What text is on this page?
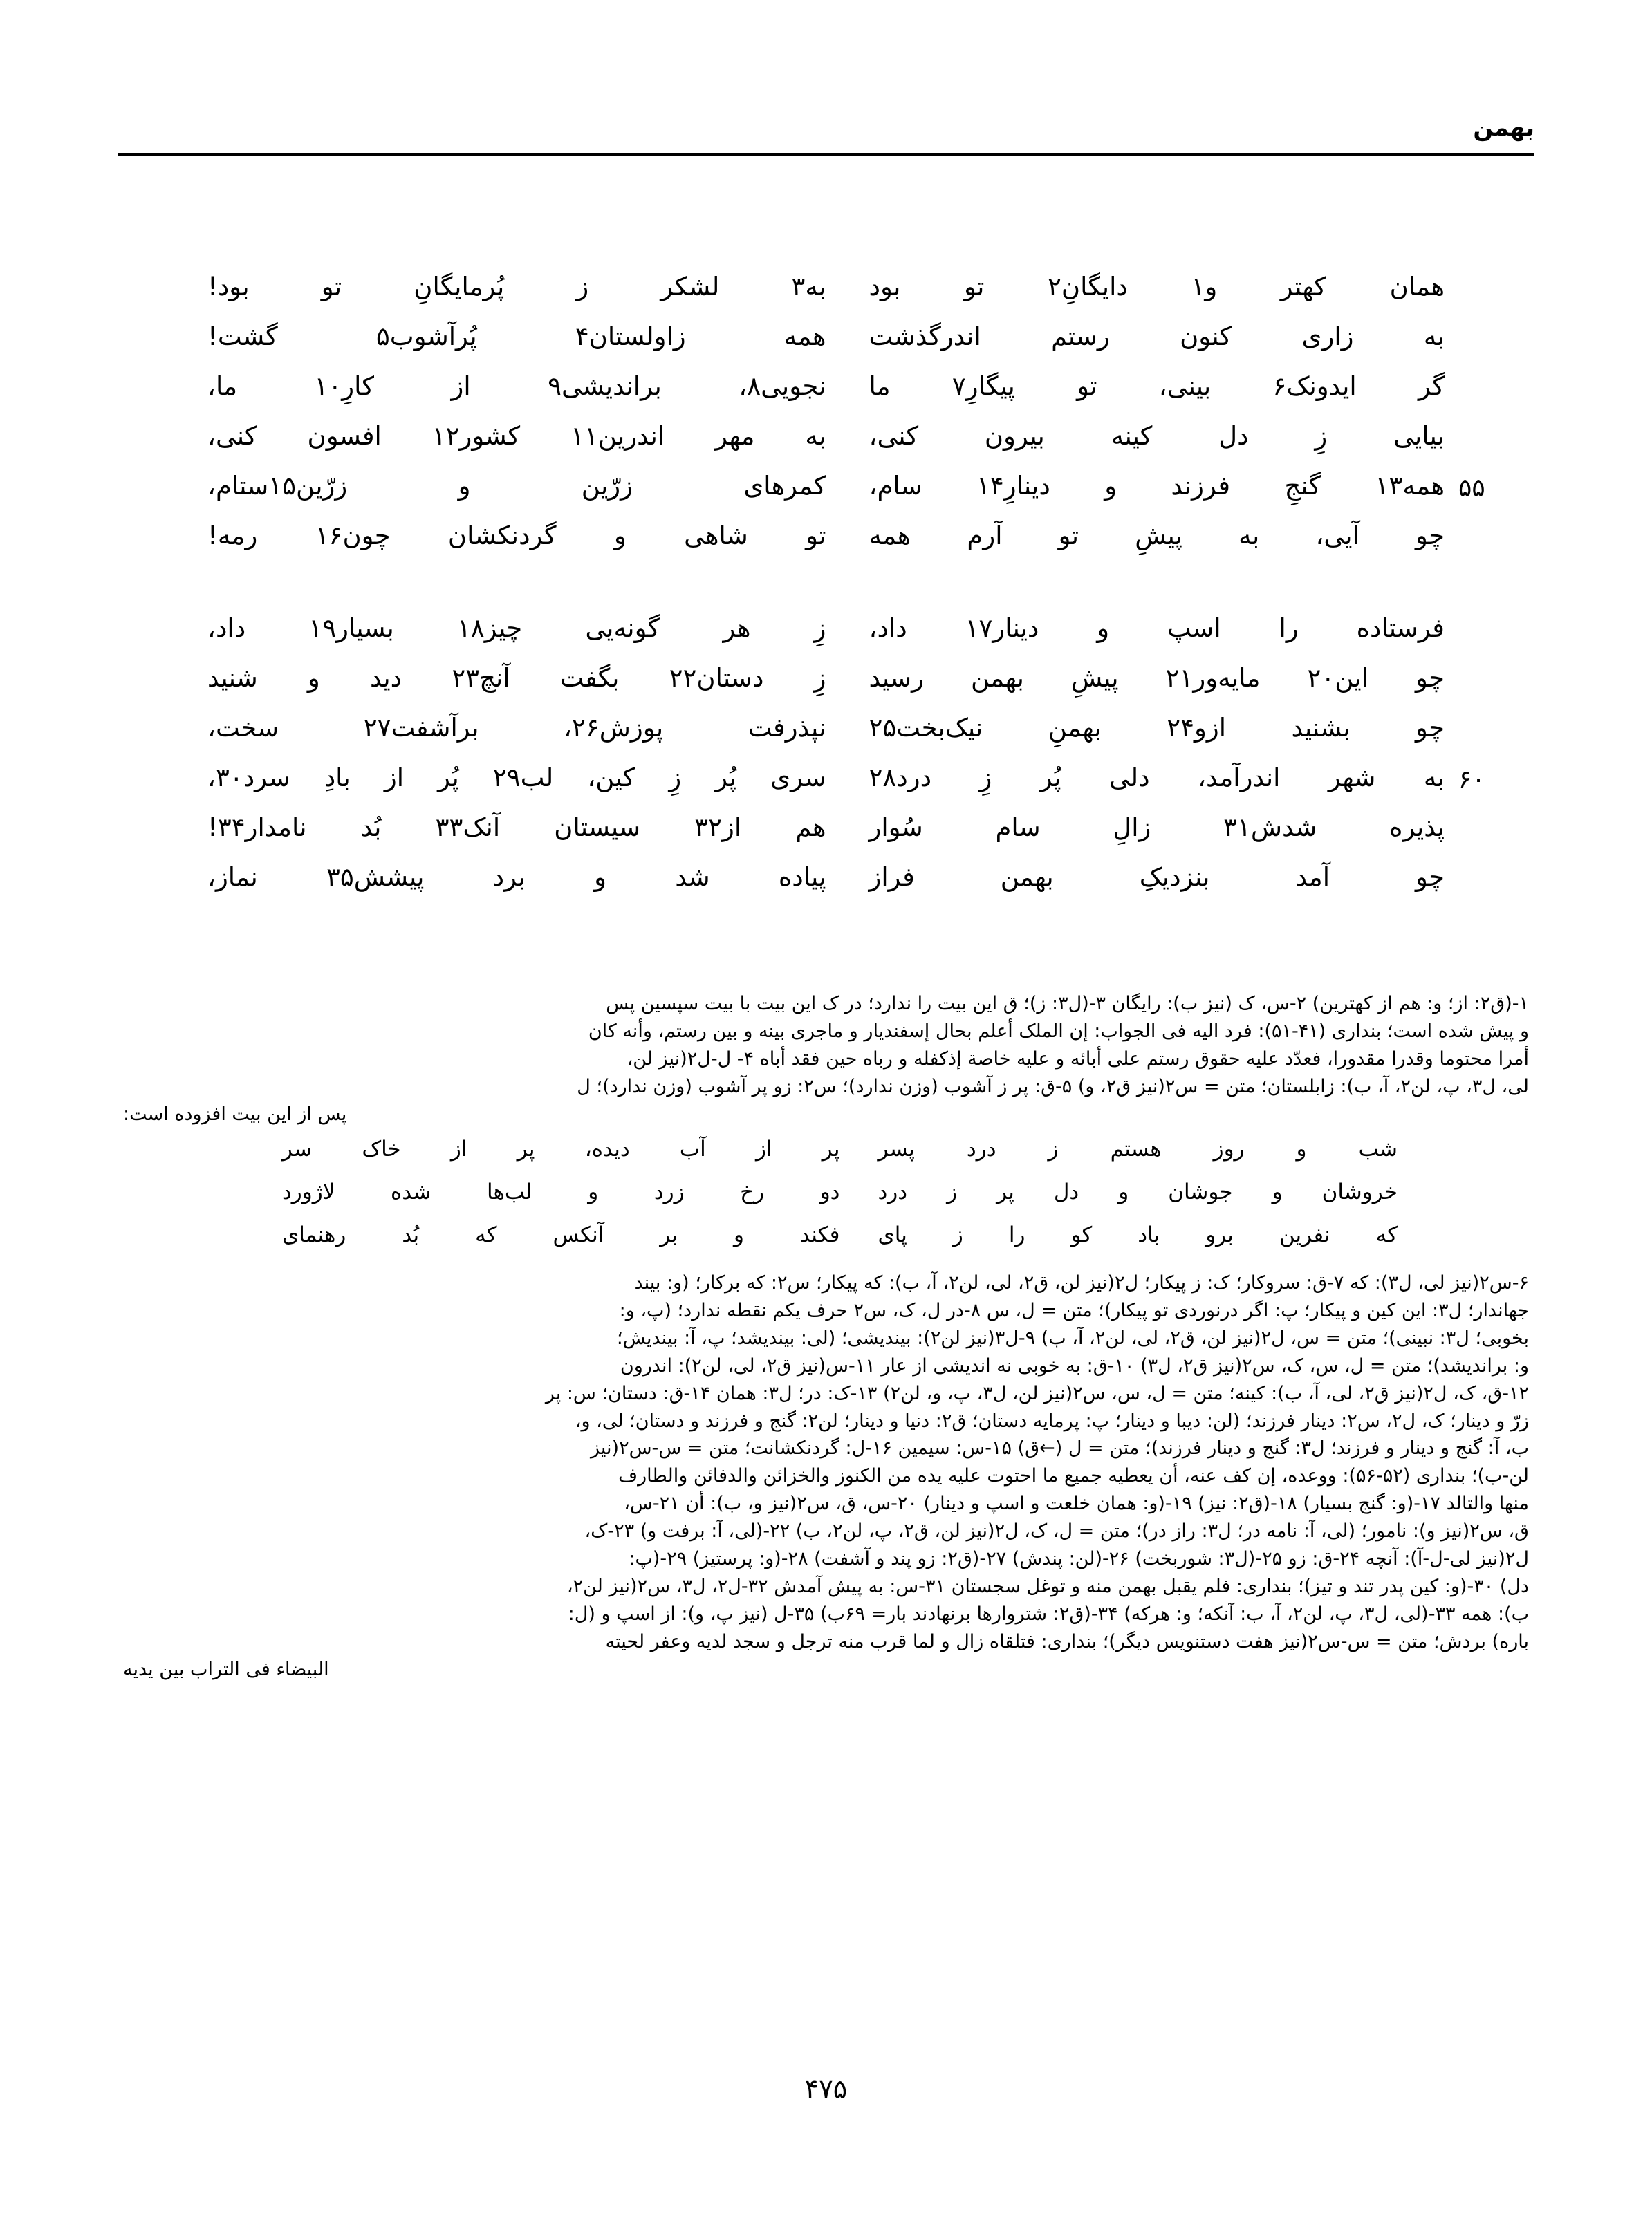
بهمن
همان کهتر و۱ دایگانِ۲ تو بود
به۳ لشکر ز پُرمایگانِ تو بود!
به زاری کنون رستم اندرگذشت
همه زاولستان۴ پُرآشوب۵ گشت!
گر ایدونک۶ بینی، تو پیگارِ۷ ما
نجویی۸، براندیشی۹ از کارِ۱۰ ما،
بیایی زِ دل کینه بیرون کنی،
به مهر اندرین۱۱ کشور۱۲ افسون کنی،
۵۵
همه۱۳ گنجِ فرزند و دینارِ۱۴ سام،
کمرهای زرّین و زرّین۱۵ستام،
چو آیی، به پیشِ تو آرم همه
تو شاهی و گردنکشان چون۱۶ رمه!
فرستاده را اسپ و دینار۱۷ داد،
زِ هر گونه‌یی چیز۱۸ بسیار۱۹ داد،
چو این۲۰ مایه‌ور۲۱ پیشِ بهمن رسید
زِ دستان۲۲ بگفت آنچ۲۳ دید و شنید
چو بشنید ازو۲۴ بهمنِ نیک‌بخت۲۵
نپذرفت پوزش۲۶، برآشفت۲۷ سخت،
۶۰
به شهر اندرآمد، دلی پُر زِ درد۲۸
سری پُر زِ کین، لب۲۹ پُر از بادِ سرد۳۰،
پذیره شدش۳۱ زالِ سام سُوار
هم از۳۲ سیستان آنک۳۳ بُد نامدار۳۴!
چو آمد بنزدیکِ بهمن فراز
پیاده شد و برد پیشش۳۵ نماز،
۱-(ق۲: از؛ و: هم از کهترین) ۲-س، ک (نیز ب): رایگان ۳-(ل۳: ز)؛ ق این بیت را ندارد؛ در ک این بیت با بیت سپسین پس
و پیش شده است؛ بنداری (۴۱-۵۱): فرد الیه فی الجواب: إن الملک أعلم بحال إسفندیار و ماجری بینه و بین رستم، وأنه کان
أمرا محتوما وقدرا مقدورا، فعدّد علیه حقوق رستم علی أبائه و علیه خاصة إذکفله و رباه حین فقد أباه ۴- ل-ل۲(نیز لن،
لی، ل۳، پ، لن۲، آ، ب): زابلستان؛ متن = س۲(نیز ق۲، و) ۵-ق: پر ز آشوب (وزن ندارد)؛ س۲: زو پر آشوب (وزن ندارد)؛ ل
پس از این بیت افزوده است:
شب و روز هستم ز درد پسر
پر از آب دیده، پر از خاک سر
خروشان و جوشان و دل پر ز درد
دو رخ زرد و لب‌ها شده لاژورد
که نفرین برو باد کو را ز پای
فکند و بر آنکس که بُد رهنمای
۶-س۲(نیز لی، ل۳): که ۷-ق: سروکار؛ ک: ز پیکار؛ ل۲(نیز لن، ق۲، لی، لن۲، آ، ب): که پیکار؛ س۲: که برکار؛ (و: بیند
جهاندار؛ ل۳: این کین و پیکار؛ پ: اگر درنوردی تو پیکار)؛ متن = ل، س ۸-در ل، ک، س۲ حرف یکم نقطه ندارد؛ (پ، و:
بخوبی؛ ل۳: نبینی)؛ متن = س، ل۲(نیز لن، ق۲، لی، لن۲، آ، ب) ۹-ل۳(نیز لن۲): بیندیشی؛ (لی: بیندیشد؛ پ، آ: بیندیش؛
و: براندیشد)؛ متن = ل، س، ک، س۲(نیز ق۲، ل۳) ۱۰-ق: به خوبی نه اندیشی از عار ۱۱-س(نیز ق۲، لی، لن۲): اندرون
۱۲-ق، ک، ل۲(نیز ق۲، لی، آ، ب): کینه؛ متن = ل، س، س۲(نیز لن، ل۳، پ، و، لن۲) ۱۳-ک: در؛ ل۳: همان ۱۴-ق: دستان؛ س: پر
زرّ و دینار؛ ک، ل۲، س۲: دینار فرزند؛ (لن: دیبا و دینار؛ پ: پرمایه دستان؛ ق۲: دنیا و دینار؛ لن۲: گنج و فرزند و دستان؛ لی، و،
ب، آ: گنج و دینار و فرزند؛ ل۳: گنج و دینار فرزند)؛ متن = ل (←ق) ۱۵-س: سیمین ۱۶-ل: گردنکشانت؛ متن = س-س۲(نیز
لن-ب)؛ بنداری (۵۲-۵۶): ووعده، إن کف عنه، أن یعطیه جمیع ما احتوت علیه یده من الکنوز والخزائن والدفائن والطارف
منها والتالد ۱۷-(و: گنج بسیار) ۱۸-(ق۲: نیز) ۱۹-(و: همان خلعت و اسپ و دینار) ۲۰-س، ق، س۲(نیز و، ب): أن ۲۱-س،
ق، س۲(نیز و): نامور؛ (لی، آ: نامه در؛ ل۳: راز در)؛ متن = ل، ک، ل۲(نیز لن، ق۲، پ، لن۲، ب) ۲۲-(لی، آ: برفت و) ۲۳-ک،
ل۲(نیز لی-ل-آ): آنچه ۲۴-ق: زو ۲۵-(ل۳: شوربخت) ۲۶-(لن: پندش) ۲۷-(ق۲: زو پند و آشفت) ۲۸-(و: پرستیز) ۲۹-(پ:
دل) ۳۰-(و: کین پدر تند و تیز)؛ بنداری: فلم یقبل بهمن منه و توغل سجستان ۳۱-س: به پیش آمدش ۳۲-ل۲، ل۳، س۲(نیز لن۲،
ب): همه ۳۳-(لی، ل۳، پ، لن۲، آ، ب: آنکه؛ و: هرکه) ۳۴-(ق۲: شتروارها برنهادند بار= ۶۹ب) ۳۵-ل (نیز پ، و): از اسپ و (ل:
باره) بردش؛ متن = س-س۲(نیز هفت دستنویس دیگر)؛ بنداری: فتلقاه زال و لما قرب منه ترجل و سجد لدیه وعفر لحیته
البیضاء فی التراب بین یدیه
۴۷۵
